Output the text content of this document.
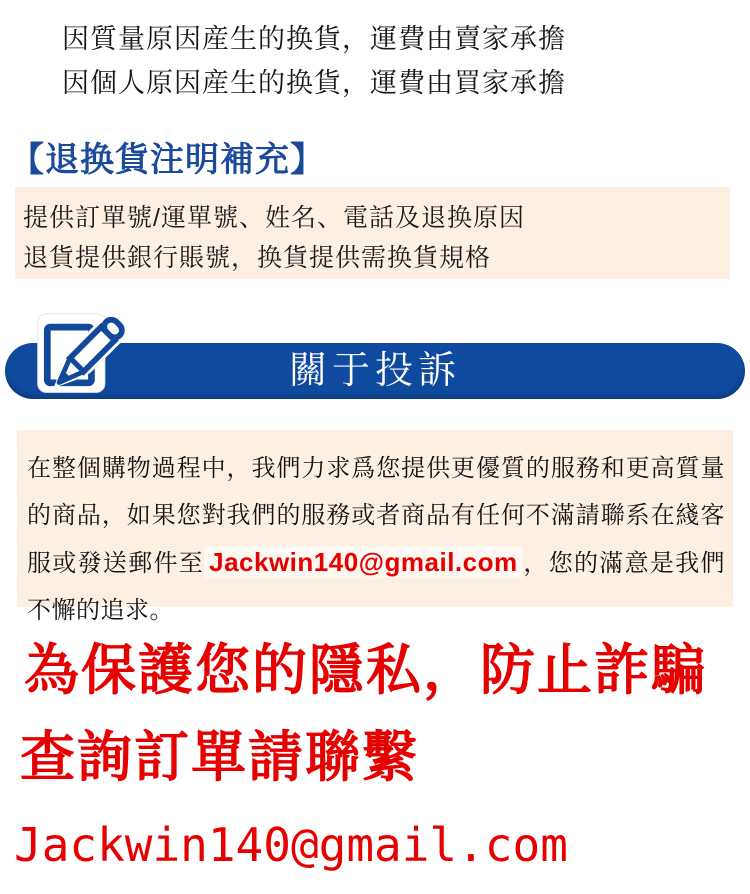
因質量原因産生的换貨，運費由賣家承擔
因個人原因産生的换貨，運費由買家承擔
【退换貨注明補充】
提供訂單號/運單號、姓名、電話及退换原因
退貨提供銀行賬號，换貨提供需换貨規格
關于投訴
在整個購物過程中，我們力求爲您提供更優質的服務和更高質量的商品，如果您對我們的服務或者商品有任何不滿請聯系在綫客服或發送郵件至 Jackwin140@gmail.com ，您的滿意是我們不懈的追求。
為保護您的隱私，防止詐騙
查詢訂單請聯繫
Jackwin140@gmail.com
